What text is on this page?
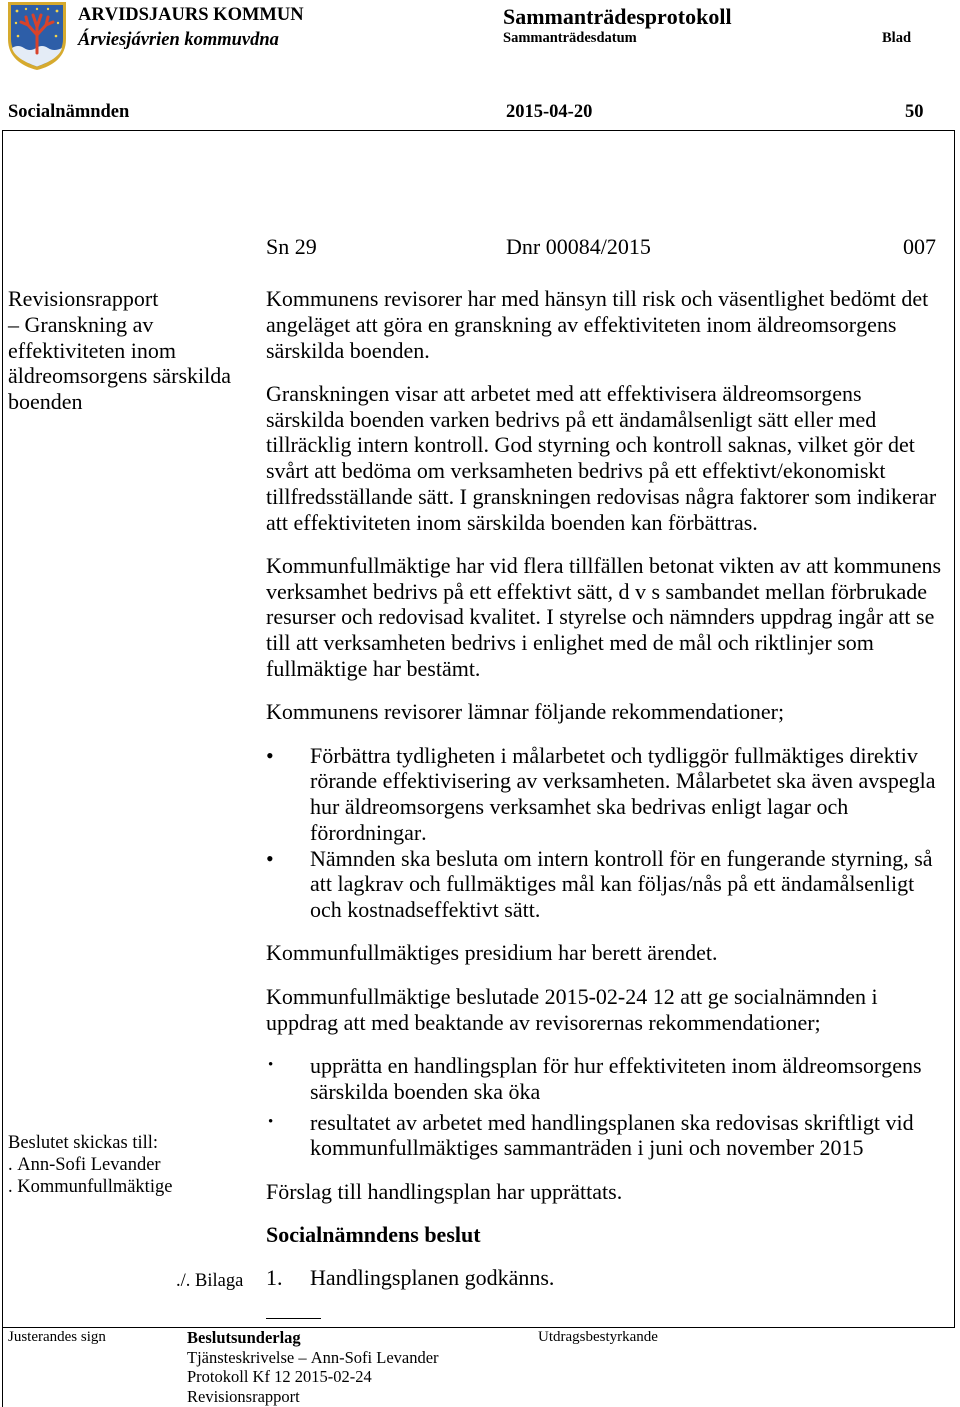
ARVIDSJAURS KOMMUN
Árviesjávrien kommuvdna
Sammanträdesprotokoll
Sammanträdesdatum	Blad
Socialnämnden	2015-04-20	50
Sn 29	Dnr 00084/2015	007
Revisionsrapport
– Granskning av
effektiviteten inom
äldreomsorgens särskilda
boenden
Beslutet skickas till:
. Ann-Sofi Levander
. Kommunfullmäktige
./. Bilaga
Kommunens revisorer har med hänsyn till risk och väsentlighet bedömt det
angeläget att göra en granskning av effektiviteten inom äldreomsorgens
särskilda boenden.
Granskningen visar att arbetet med att effektivisera äldreomsorgens
särskilda boenden varken bedrivs på ett ändamålsenligt sätt eller med
tillräcklig intern kontroll. God styrning och kontroll saknas, vilket gör det
svårt att bedöma om verksamheten bedrivs på ett effektivt/ekonomiskt
tillfredsställande sätt. I granskningen redovisas några faktorer som indikerar
att effektiviteten inom särskilda boenden kan förbättras.
Kommunfullmäktige har vid flera tillfällen betonat vikten av att kommunens
verksamhet bedrivs på ett effektivt sätt, d v s sambandet mellan förbrukade
resurser och redovisad kvalitet. I styrelse och nämnders uppdrag ingår att se
till att verksamheten bedrivs i enlighet med de mål och riktlinjer som
fullmäktige har bestämt.
Kommunens revisorer lämnar följande rekommendationer;
• Förbättra tydligheten i målarbetet och tydliggör fullmäktiges direktiv
rörande effektivisering av verksamheten. Målarbetet ska även avspegla
hur äldreomsorgens verksamhet ska bedrivas enligt lagar och
förordningar.
• Nämnden ska besluta om intern kontroll för en fungerande styrning, så
att lagkrav och fullmäktiges mål kan följas/nås på ett ändamålsenligt
och kostnadseffektivt sätt.
Kommunfullmäktiges presidium har berett ärendet.
Kommunfullmäktige beslutade 2015-02-24 12 att ge socialnämnden i
uppdrag att med beaktande av revisorernas rekommendationer;
• upprätta en handlingsplan för hur effektiviteten inom äldreomsorgens
särskilda boenden ska öka
• resultatet av arbetet med handlingsplanen ska redovisas skriftligt vid
kommunfullmäktiges sammanträden i juni och november 2015
Förslag till handlingsplan har upprättats.
Socialnämndens beslut
1. Handlingsplanen godkänns.
Justerandes sign	Beslutsunderlag
Tjänsteskrivelse – Ann-Sofi Levander
Protokoll Kf 12 2015-02-24
Revisionsrapport
Utdragsbestyrkande
